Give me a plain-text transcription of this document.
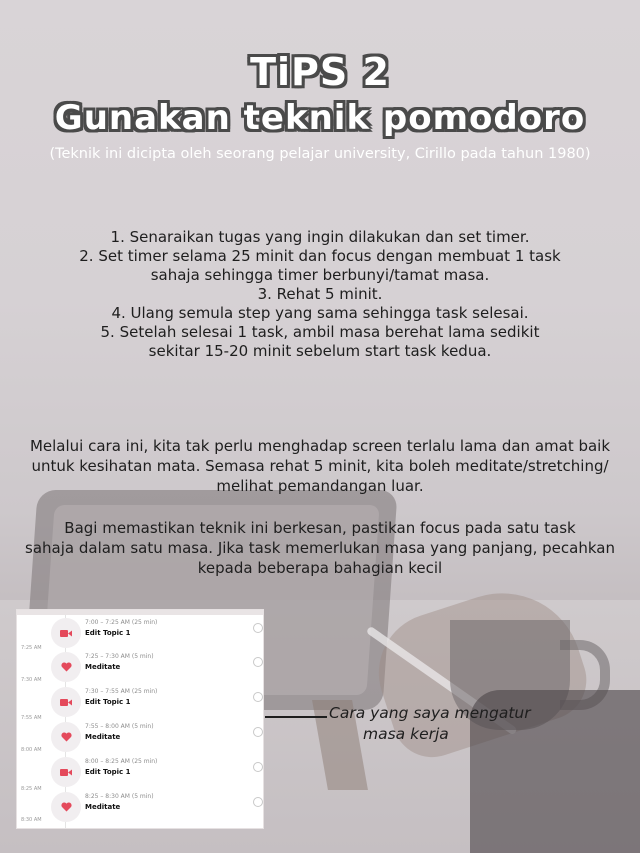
TiPS 2
Gunakan teknik pomodoro
(Teknik ini dicipta oleh seorang pelajar university, Cirillo pada tahun 1980)
1. Senaraikan tugas yang ingin dilakukan dan set timer.
2. Set timer selama 25 minit dan focus dengan membuat 1 task
sahaja sehingga timer berbunyi/tamat masa.
3. Rehat 5 minit.
4. Ulang semula step yang sama sehingga task selesai.
5. Setelah selesai 1 task, ambil masa berehat lama sedikit
sekitar 15-20 minit sebelum start task kedua.
Melalui cara ini, kita tak perlu menghadap screen terlalu lama dan amat baik
untuk kesihatan mata. Semasa rehat 5 minit, kita boleh meditate/stretching/
melihat pemandangan luar.
Bagi memastikan teknik ini berkesan, pastikan focus pada satu task
sahaja dalam satu masa. Jika task memerlukan masa yang panjang, pecahkan
kepada beberapa bahagian kecil
7:25 AM
7:30 AM
7:55 AM
8:00 AM
8:25 AM
8:30 AM
7:00 – 7:25 AM (25 min)
Edit Topic 1
7:25 – 7:30 AM (5 min)
Meditate
7:30 – 7:55 AM (25 min)
Edit Topic 1
7:55 – 8:00 AM (5 min)
Meditate
8:00 – 8:25 AM (25 min)
Edit Topic 1
8:25 – 8:30 AM (5 min)
Meditate
Cara yang saya mengatur
masa kerja
